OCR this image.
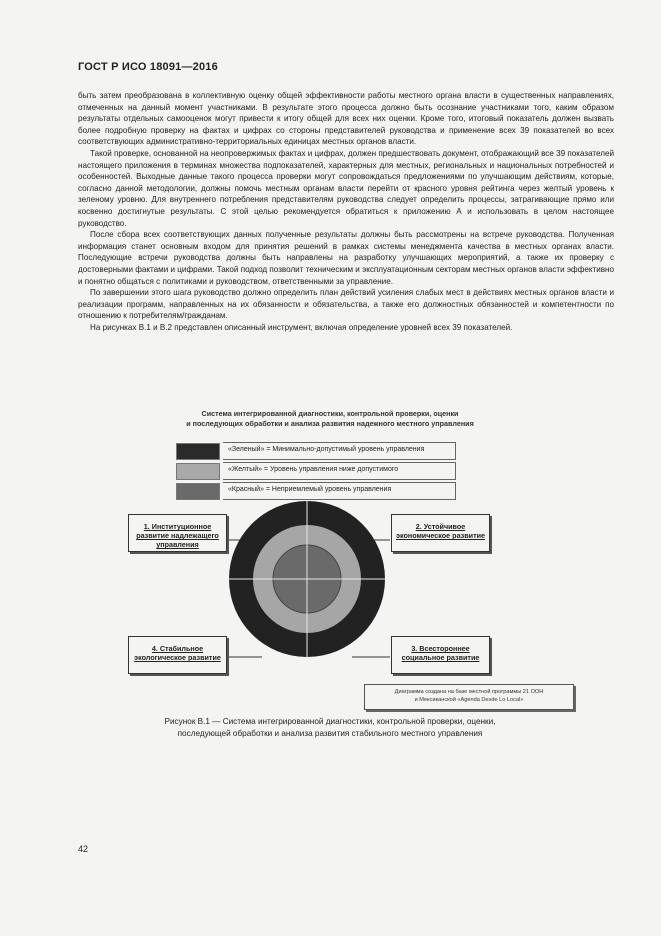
ГОСТ Р ИСО 18091—2016

быть затем преобразована в коллективную оценку общей эффективности работы местного органа власти в существенных направлениях, отмеченных на данный момент участниками. В результате этого процесса должно быть осознание участниками того, каким образом результаты отдельных самооценок могут привести к итогу общей для всех них оценки. Кроме того, итоговый показатель должен вызвать более подробную проверку на фактах и цифрах со стороны представителей руководства и применение всех 39 показателей во всех соответствующих административно-территориальных единицах местных органов власти.

Такой проверке, основанной на неопровержимых фактах и цифрах, должен предшествовать документ, отображающий все 39 показателей настоящего приложения в терминах множества подпоказателей, характерных для местных, региональных и национальных потребностей и особенностей. Выходные данные такого процесса проверки могут сопровождаться предложениями по улучшающим действиям, которые, согласно данной методологии, должны помочь местным органам власти перейти от красного уровня рейтинга через желтый уровень к зеленому уровню. Для внутреннего потребления представителям руководства следует определить процессы, затрагивающие прямо или косвенно достигнутые результаты. С этой целью рекомендуется обратиться к приложению А и использовать в целом настоящее руководство.

После сбора всех соответствующих данных полученные результаты должны быть рассмотрены на встрече руководства. Полученная информация станет основным входом для принятия решений в рамках системы менеджмента качества в местных органах власти. Последующие встречи руководства должны быть направлены на разработку улучшающих мероприятий, а также их проверку с достоверными фактами и цифрами. Такой подход позволит техническим и эксплуатационным секторам местных органов власти эффективно и понятно общаться с политиками и руководством, ответственными за управление.

По завершении этого шага руководство должно определить план действий усиления слабых мест в действиях местных органов власти и реализации программ, направленных на их обязанности и обязательства, а также его должностных обязанностей и компетентности по отношению к потребителям/гражданам.

На рисунках В.1 и В.2 представлен описанный инструмент, включая определение уровней всех 39 показателей.

Система интегрированной диагностики, контрольной проверки, оценки
и последующих обработки и анализа развития надежного местного управления
«Зеленый» = Минимально-допустимый уровень управления
«Желтый» = Уровень управления ниже допустимого
«Красный» = Неприемлемый уровень управления
1. Институционное развитие надлежащего управления
2. Устойчивое экономическое развитие
4. Стабильное экологическое развитие
3. Всестороннее социальное развитие
Диаграмма создана на базе местной программы 21 ООН
и Мексиканской «Agenda Desde Lo Local»
Рисунок В.1 — Система интегрированной диагностики, контрольной проверки, оценки,
последующей обработки и анализа развития стабильного местного управления
42
